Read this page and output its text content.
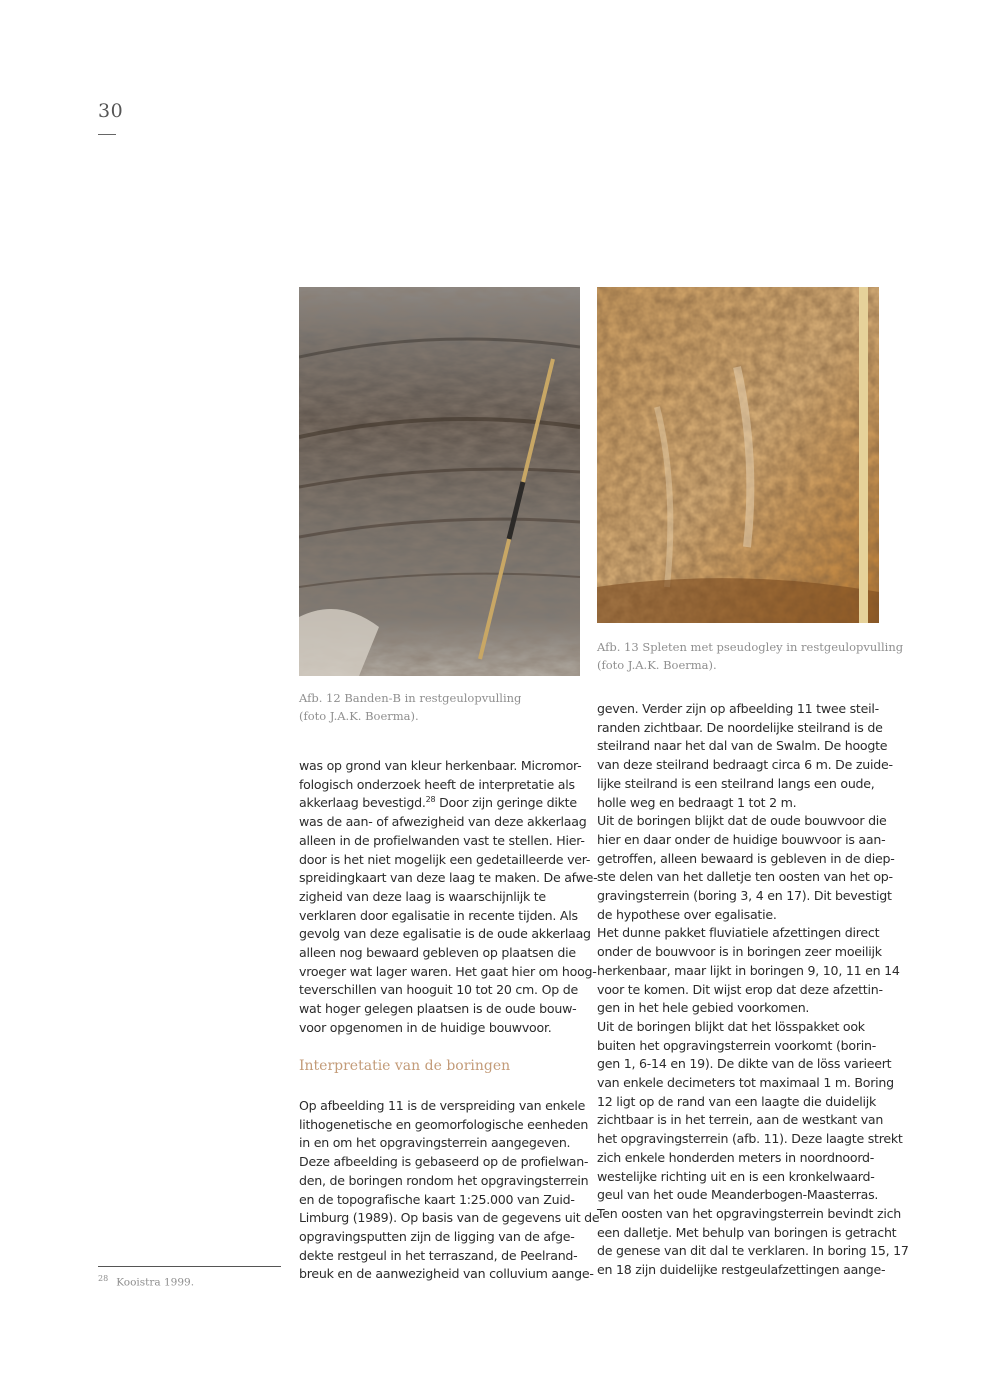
30
Afb. 12 Banden-B in restgeulopvulling
(foto J.A.K. Boerma).
Afb. 13 Spleten met pseudogley in restgeulopvulling
(foto J.A.K. Boerma).
was op grond van kleur herkenbaar. Micromor-
fologisch onderzoek heeft de interpretatie als
akkerlaag bevestigd.$^{28}$ Door zijn geringe dikte
was de aan- of afwezigheid van deze akkerlaag
alleen in de profielwanden vast te stellen. Hier-
door is het niet mogelijk een gedetailleerde ver-
spreidingkaart van deze laag te maken. De afwe-
zigheid van deze laag is waarschijnlijk te
verklaren door egalisatie in recente tijden. Als
gevolg van deze egalisatie is de oude akkerlaag
alleen nog bewaard gebleven op plaatsen die
vroeger wat lager waren. Het gaat hier om hoog-
teverschillen van hooguit 10 tot 20 cm. Op de
wat hoger gelegen plaatsen is de oude bouw-
voor opgenomen in de huidige bouwvoor.
Interpretatie van de boringen
Op afbeelding 11 is de verspreiding van enkele
lithogenetische en geomorfologische eenheden
in en om het opgravingsterrein aangegeven.
Deze afbeelding is gebaseerd op de profielwan-
den, de boringen rondom het opgravingsterrein
en de topografische kaart 1:25.000 van Zuid-
Limburg (1989). Op basis van de gegevens uit de
opgravingsputten zijn de ligging van de afge-
dekte restgeul in het terraszand, de Peelrand-
breuk en de aanwezigheid van colluvium aange-
geven. Verder zijn op afbeelding 11 twee steil-
randen zichtbaar. De noordelijke steilrand is de
steilrand naar het dal van de Swalm. De hoogte
van deze steilrand bedraagt circa 6 m. De zuide-
lijke steilrand is een steilrand langs een oude,
holle weg en bedraagt 1 tot 2 m.
Uit de boringen blijkt dat de oude bouwvoor die
hier en daar onder de huidige bouwvoor is aan-
getroffen, alleen bewaard is gebleven in de diep-
ste delen van het dalletje ten oosten van het op-
gravingsterrein (boring 3, 4 en 17). Dit bevestigt
de hypothese over egalisatie.
Het dunne pakket fluviatiele afzettingen direct
onder de bouwvoor is in boringen zeer moeilijk
herkenbaar, maar lijkt in boringen 9, 10, 11 en 14
voor te komen. Dit wijst erop dat deze afzettin-
gen in het hele gebied voorkomen.
Uit de boringen blijkt dat het lösspakket ook
buiten het opgravingsterrein voorkomt (borin-
gen 1, 6-14 en 19). De dikte van de löss varieert
van enkele decimeters tot maximaal 1 m. Boring
12 ligt op de rand van een laagte die duidelijk
zichtbaar is in het terrein, aan de westkant van
het opgravingsterrein (afb. 11). Deze laagte strekt
zich enkele honderden meters in noordnoord-
westelijke richting uit en is een kronkelwaard-
geul van het oude Meanderbogen-Maasterras.
Ten oosten van het opgravingsterrein bevindt zich
een dalletje. Met behulp van boringen is getracht
de genese van dit dal te verklaren. In boring 15, 17
en 18 zijn duidelijke restgeulafzettingen aange-
$^{28}$ Kooistra 1999.
